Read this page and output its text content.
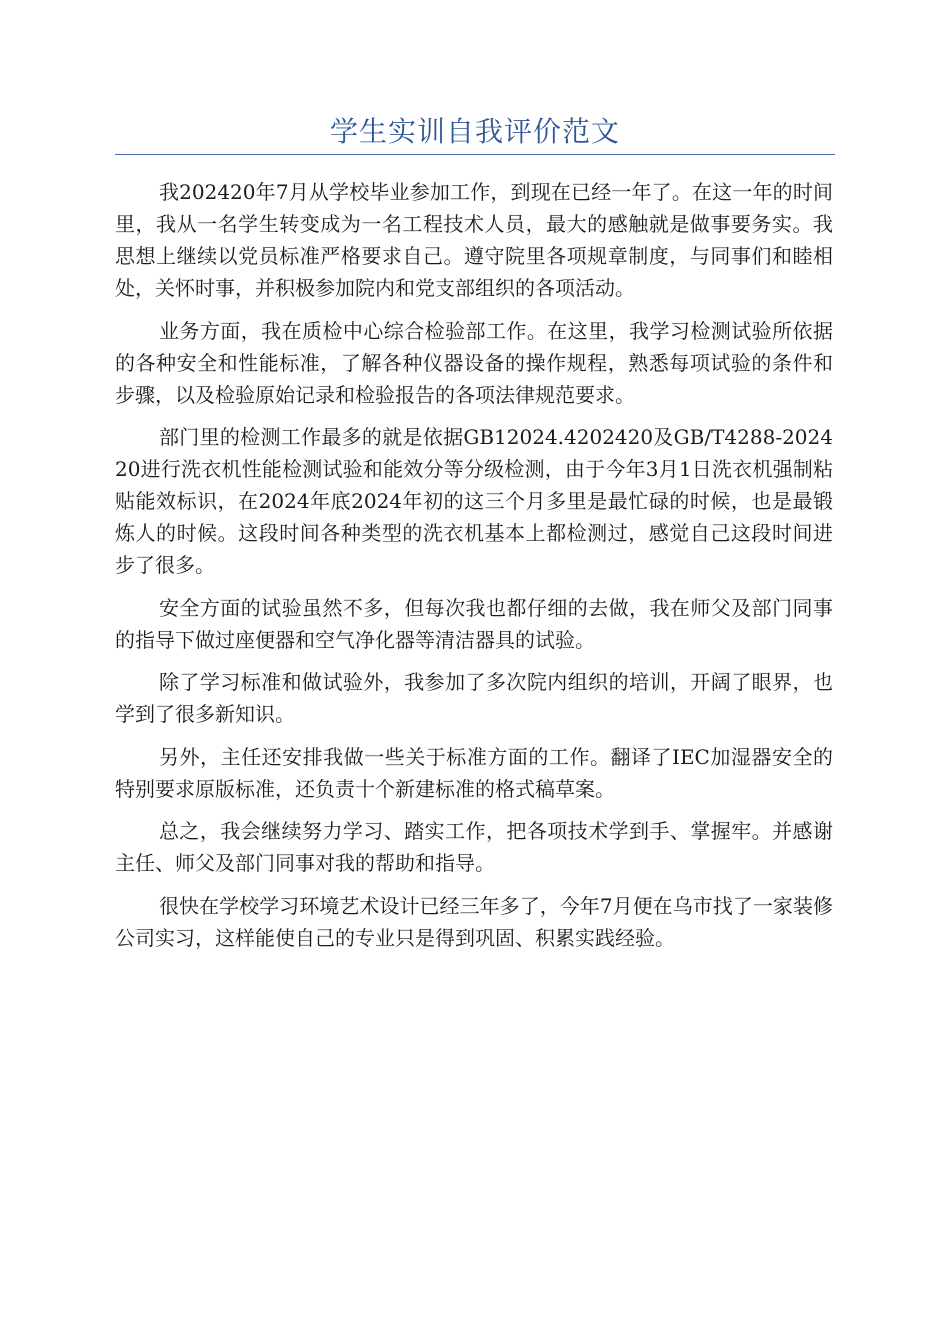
学生实训自我评价范文

我202420年7月从学校毕业参加工作，到现在已经一年了。在这一年的时间里，我从一名学生转变成为一名工程技术人员，最大的感触就是做事要务实。我思想上继续以党员标准严格要求自己。遵守院里各项规章制度，与同事们和睦相处，关怀时事，并积极参加院内和党支部组织的各项活动。

业务方面，我在质检中心综合检验部工作。在这里，我学习检测试验所依据的各种安全和性能标准，了解各种仪器设备的操作规程，熟悉每项试验的条件和步骤，以及检验原始记录和检验报告的各项法律规范要求。

部门里的检测工作最多的就是依据GB12024.4202420及GB/T4288-202420进行洗衣机性能检测试验和能效分等分级检测，由于今年3月1日洗衣机强制粘贴能效标识，在2024年底2024年初的这三个月多里是最忙碌的时候，也是最锻炼人的时候。这段时间各种类型的洗衣机基本上都检测过，感觉自己这段时间进步了很多。

安全方面的试验虽然不多，但每次我也都仔细的去做，我在师父及部门同事的指导下做过座便器和空气净化器等清洁器具的试验。

除了学习标准和做试验外，我参加了多次院内组织的培训，开阔了眼界，也学到了很多新知识。

另外，主任还安排我做一些关于标准方面的工作。翻译了IEC加湿器安全的特别要求原版标准，还负责十个新建标准的格式稿草案。

总之，我会继续努力学习、踏实工作，把各项技术学到手、掌握牢。并感谢主任、师父及部门同事对我的帮助和指导。

很快在学校学习环境艺术设计已经三年多了，今年7月便在乌市找了一家装修公司实习，这样能使自己的专业只是得到巩固、积累实践经验。
